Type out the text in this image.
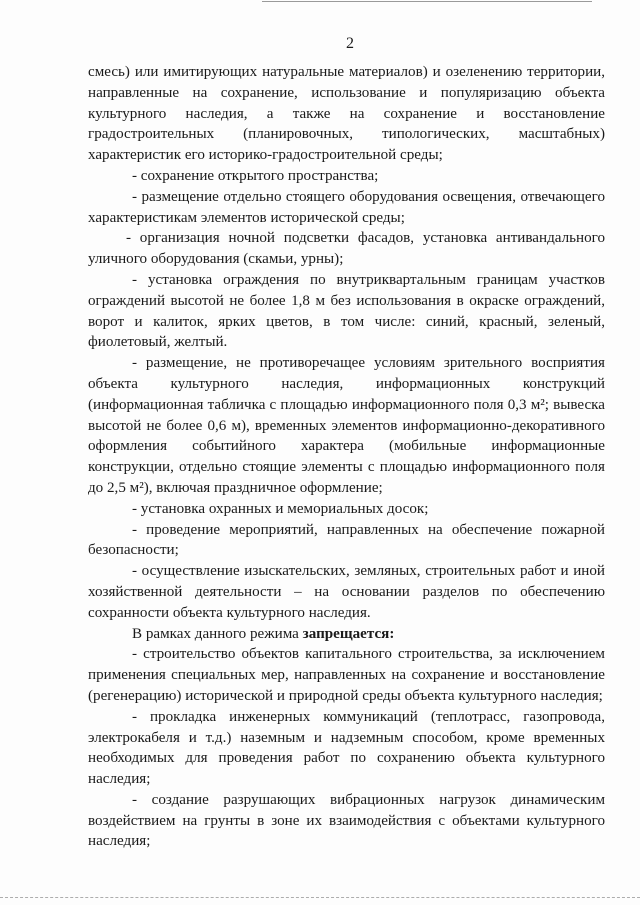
2

смесь) или имитирующих натуральные материалов) и озеленению территории, направленные на сохранение, использование и популяризацию объекта культурного наследия, а также на сохранение и восстановление градостроительных (планировочных, типологических, масштабных) характеристик его историко-градостроительной среды;

- сохранение открытого пространства;

- размещение отдельно стоящего оборудования освещения, отвечающего характеристикам элементов исторической среды;

- организация ночной подсветки фасадов, установка антивандального уличного оборудования (скамьи, урны);

- установка ограждения по внутриквартальным границам участков ограждений высотой не более 1,8 м без использования в окраске ограждений, ворот и калиток, ярких цветов, в том числе: синий, красный, зеленый, фиолетовый, желтый.

- размещение, не противоречащее условиям зрительного восприятия объекта культурного наследия, информационных конструкций (информационная табличка с площадью информационного поля 0,3 м²; вывеска высотой не более 0,6 м), временных элементов информационно-декоративного оформления событийного характера (мобильные информационные конструкции, отдельно стоящие элементы с площадью информационного поля до 2,5 м²), включая праздничное оформление;

- установка охранных и мемориальных досок;

- проведение мероприятий, направленных на обеспечение пожарной безопасности;

- осуществление изыскательских, земляных, строительных работ и иной хозяйственной деятельности – на основании разделов по обеспечению сохранности объекта культурного наследия.

В рамках данного режима запрещается:

- строительство объектов капитального строительства, за исключением применения специальных мер, направленных на сохранение и восстановление (регенерацию) исторической и природной среды объекта культурного наследия;

- прокладка инженерных коммуникаций (теплотрасс, газопровода, электрокабеля и т.д.) наземным и надземным способом, кроме временных необходимых для проведения работ по сохранению объекта культурного наследия;

- создание разрушающих вибрационных нагрузок динамическим воздействием на грунты в зоне их взаимодействия с объектами культурного наследия;
